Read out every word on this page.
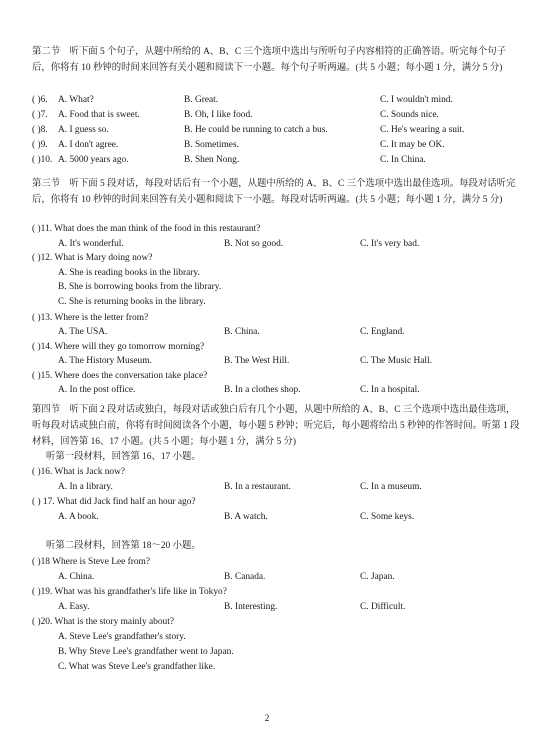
第二节　听下面 5 个句子，从题中所给的 A、B、C 三个选项中选出与所听句子内容相符的正确答语。听完每个句子后，你将有 10 秒钟的时间来回答有关小题和阅读下一小题。每个句子听两遍。(共 5 小题；每小题 1 分，满分 5 分)
( )6. A. What?	B. Great.	C. I wouldn't mind.
( )7. A. Food that is sweet.	B. Oh, I like food.	C. Sounds nice.
( )8. A. I guess so.	B. He could be running to catch a bus.	C. He's wearing a suit.
( )9. A. I don't agree.	B. Sometimes.	C. It may be OK.
( )10. A. 5000 years ago.	B. Shen Nong.	C. In China.
第三节　听下面 5 段对话，每段对话后有一个小题，从题中所给的 A、B、C 三个选项中选出最佳选项。每段对话听完后，你将有 10 秒钟的时间来回答有关小题和阅读下一小题。每段对话听两遍。(共 5 小题；每小题 1 分，满分 5 分)
( )11. What does the man think of the food in this restaurant?
A. It's wonderful.	B. Not so good.	C. It's very bad.
( )12. What is Mary doing now?
A. She is reading books in the library.
B. She is borrowing books from the library.
C. She is returning books in the library.
( )13. Where is the letter from?
A. The USA.	B. China.	C. England.
( )14. Where will they go tomorrow morning?
A. The History Museum.	B. The West Hill.	C. The Music Hall.
( )15. Where does the conversation take place?
A. In the post office.	B. In a clothes shop.	C. In a hospital.
第四节　听下面 2 段对话或独白，每段对话或独白后有几个小题，从题中所给的 A、B、C 三个选项中选出最佳选项，听每段对话或独白前，你将有时间阅读各个小题，每小题 5 秒钟；听完后，每小题将给出 5 秒钟的作答时间。听第 1 段材料，回答第 16、17 小题。(共 5 小题；每小题 1 分，满分 5 分)
听第一段材料，回答第 16、17 小题。
( )16. What is Jack now?
A. In a library.	B. In a restaurant.	C. In a museum.
( ) 17. What did Jack find half an hour ago?
A. A book.	B. A watch.	C. Some keys.
听第二段材料，回答第 18～20 小题。
( )18 Where is Steve Lee from?
A. China.	B. Canada.	C. Japan.
( )19. What was his grandfather's life like in Tokyo?
A. Easy.	B. Interesting.	C. Difficult.
( )20. What is the story mainly about?
A. Steve Lee's grandfather's story.
B. Why Steve Lee's grandfather went to Japan.
C. What was Steve Lee's grandfather like.
2
